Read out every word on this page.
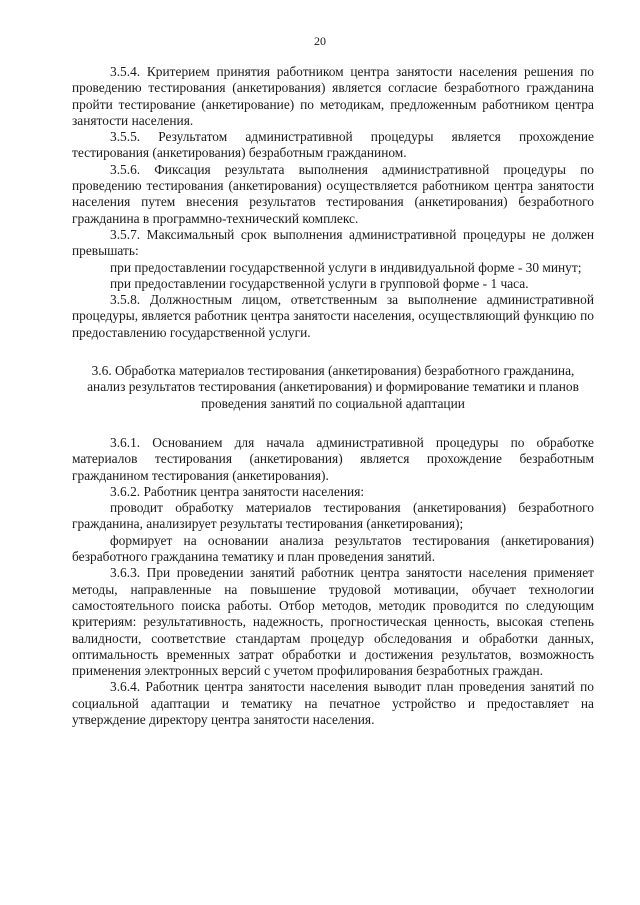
20

3.5.4. Критерием принятия работником центра занятости населения решения по проведению тестирования (анкетирования) является согласие безработного гражданина пройти тестирование (анкетирование) по методикам, предложенным работником центра занятости населения.

3.5.5. Результатом административной процедуры является прохождение тестирования (анкетирования) безработным гражданином.

3.5.6. Фиксация результата выполнения административной процедуры по проведению тестирования (анкетирования) осуществляется работником центра занятости населения путем внесения результатов тестирования (анкетирования) безработного гражданина в программно-технический комплекс.

3.5.7. Максимальный срок выполнения административной процедуры не должен превышать:

при предоставлении государственной услуги в индивидуальной форме - 30 минут;

при предоставлении государственной услуги в групповой форме - 1 часа.

3.5.8. Должностным лицом, ответственным за выполнение административной процедуры, является работник центра занятости населения, осуществляющий функцию по предоставлению государственной услуги.

3.6. Обработка материалов тестирования (анкетирования) безработного гражданина, анализ результатов тестирования (анкетирования) и формирование тематики и планов проведения занятий по социальной адаптации

3.6.1. Основанием для начала административной процедуры по обработке материалов тестирования (анкетирования) является прохождение безработным гражданином тестирования (анкетирования).

3.6.2. Работник центра занятости населения:

проводит обработку материалов тестирования (анкетирования) безработного гражданина, анализирует результаты тестирования (анкетирования);

формирует на основании анализа результатов тестирования (анкетирования) безработного гражданина тематику и план проведения занятий.

3.6.3. При проведении занятий работник центра занятости населения применяет методы, направленные на повышение трудовой мотивации, обучает технологии самостоятельного поиска работы. Отбор методов, методик проводится по следующим критериям: результативность, надежность, прогностическая ценность, высокая степень валидности, соответствие стандартам процедур обследования и обработки данных, оптимальность временных затрат обработки и достижения результатов, возможность применения электронных версий с учетом профилирования безработных граждан.

3.6.4. Работник центра занятости населения выводит план проведения занятий по социальной адаптации и тематику на печатное устройство и предоставляет на утверждение директору центра занятости населения.
